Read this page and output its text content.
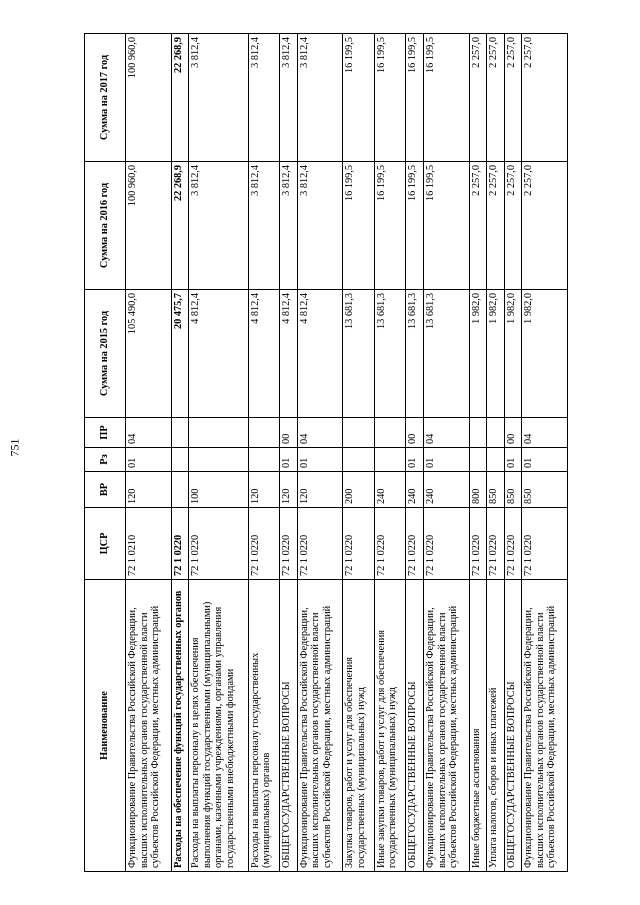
751
Наименование	ЦСР	ВР	Рз	ПР	Сумма на 2015 год	Сумма на 2016 год	Сумма на 2017 год
Функционирование Правительства Российской Федерации, высших исполнительных органов государственной власти субъектов Российской Федерации, местных администраций	72 1 0210	120	01	04	105 490,0	100 960,0	100 960,0
Расходы на обеспечение функций государственных органов	72 1 0220				20 475,7	22 268,9	22 268,9
Расходы на выплаты персоналу в целях обеспечения выполнения функций государственными (муниципальными) органами, казенными учреждениями, органами управления государственными внебюджетными фондами	72 1 0220	100			4 812,4	3 812,4	3 812,4
Расходы на выплаты персоналу государственных (муниципальных) органов	72 1 0220	120			4 812,4	3 812,4	3 812,4
ОБЩЕГОСУДАРСТВЕННЫЕ ВОПРОСЫ	72 1 0220	120	01	00	4 812,4	3 812,4	3 812,4
Функционирование Правительства Российской Федерации, высших исполнительных органов государственной власти субъектов Российской Федерации, местных администраций	72 1 0220	120	01	04	4 812,4	3 812,4	3 812,4
Закупка товаров, работ и услуг для обеспечения государственных (муниципальных) нужд	72 1 0220	200			13 681,3	16 199,5	16 199,5
Иные закупки товаров, работ и услуг для обеспечения государственных (муниципальных) нужд	72 1 0220	240			13 681,3	16 199,5	16 199,5
ОБЩЕГОСУДАРСТВЕННЫЕ ВОПРОСЫ	72 1 0220	240	01	00	13 681,3	16 199,5	16 199,5
Функционирование Правительства Российской Федерации, высших исполнительных органов государственной власти субъектов Российской Федерации, местных администраций	72 1 0220	240	01	04	13 681,3	16 199,5	16 199,5
Иные бюджетные ассигнования	72 1 0220	800			1 982,0	2 257,0	2 257,0
Уплата налогов, сборов и иных платежей	72 1 0220	850			1 982,0	2 257,0	2 257,0
ОБЩЕГОСУДАРСТВЕННЫЕ ВОПРОСЫ	72 1 0220	850	01	00	1 982,0	2 257,0	2 257,0
Функционирование Правительства Российской Федерации, высших исполнительных органов государственной власти субъектов Российской Федерации, местных администраций	72 1 0220	850	01	04	1 982,0	2 257,0	2 257,0
